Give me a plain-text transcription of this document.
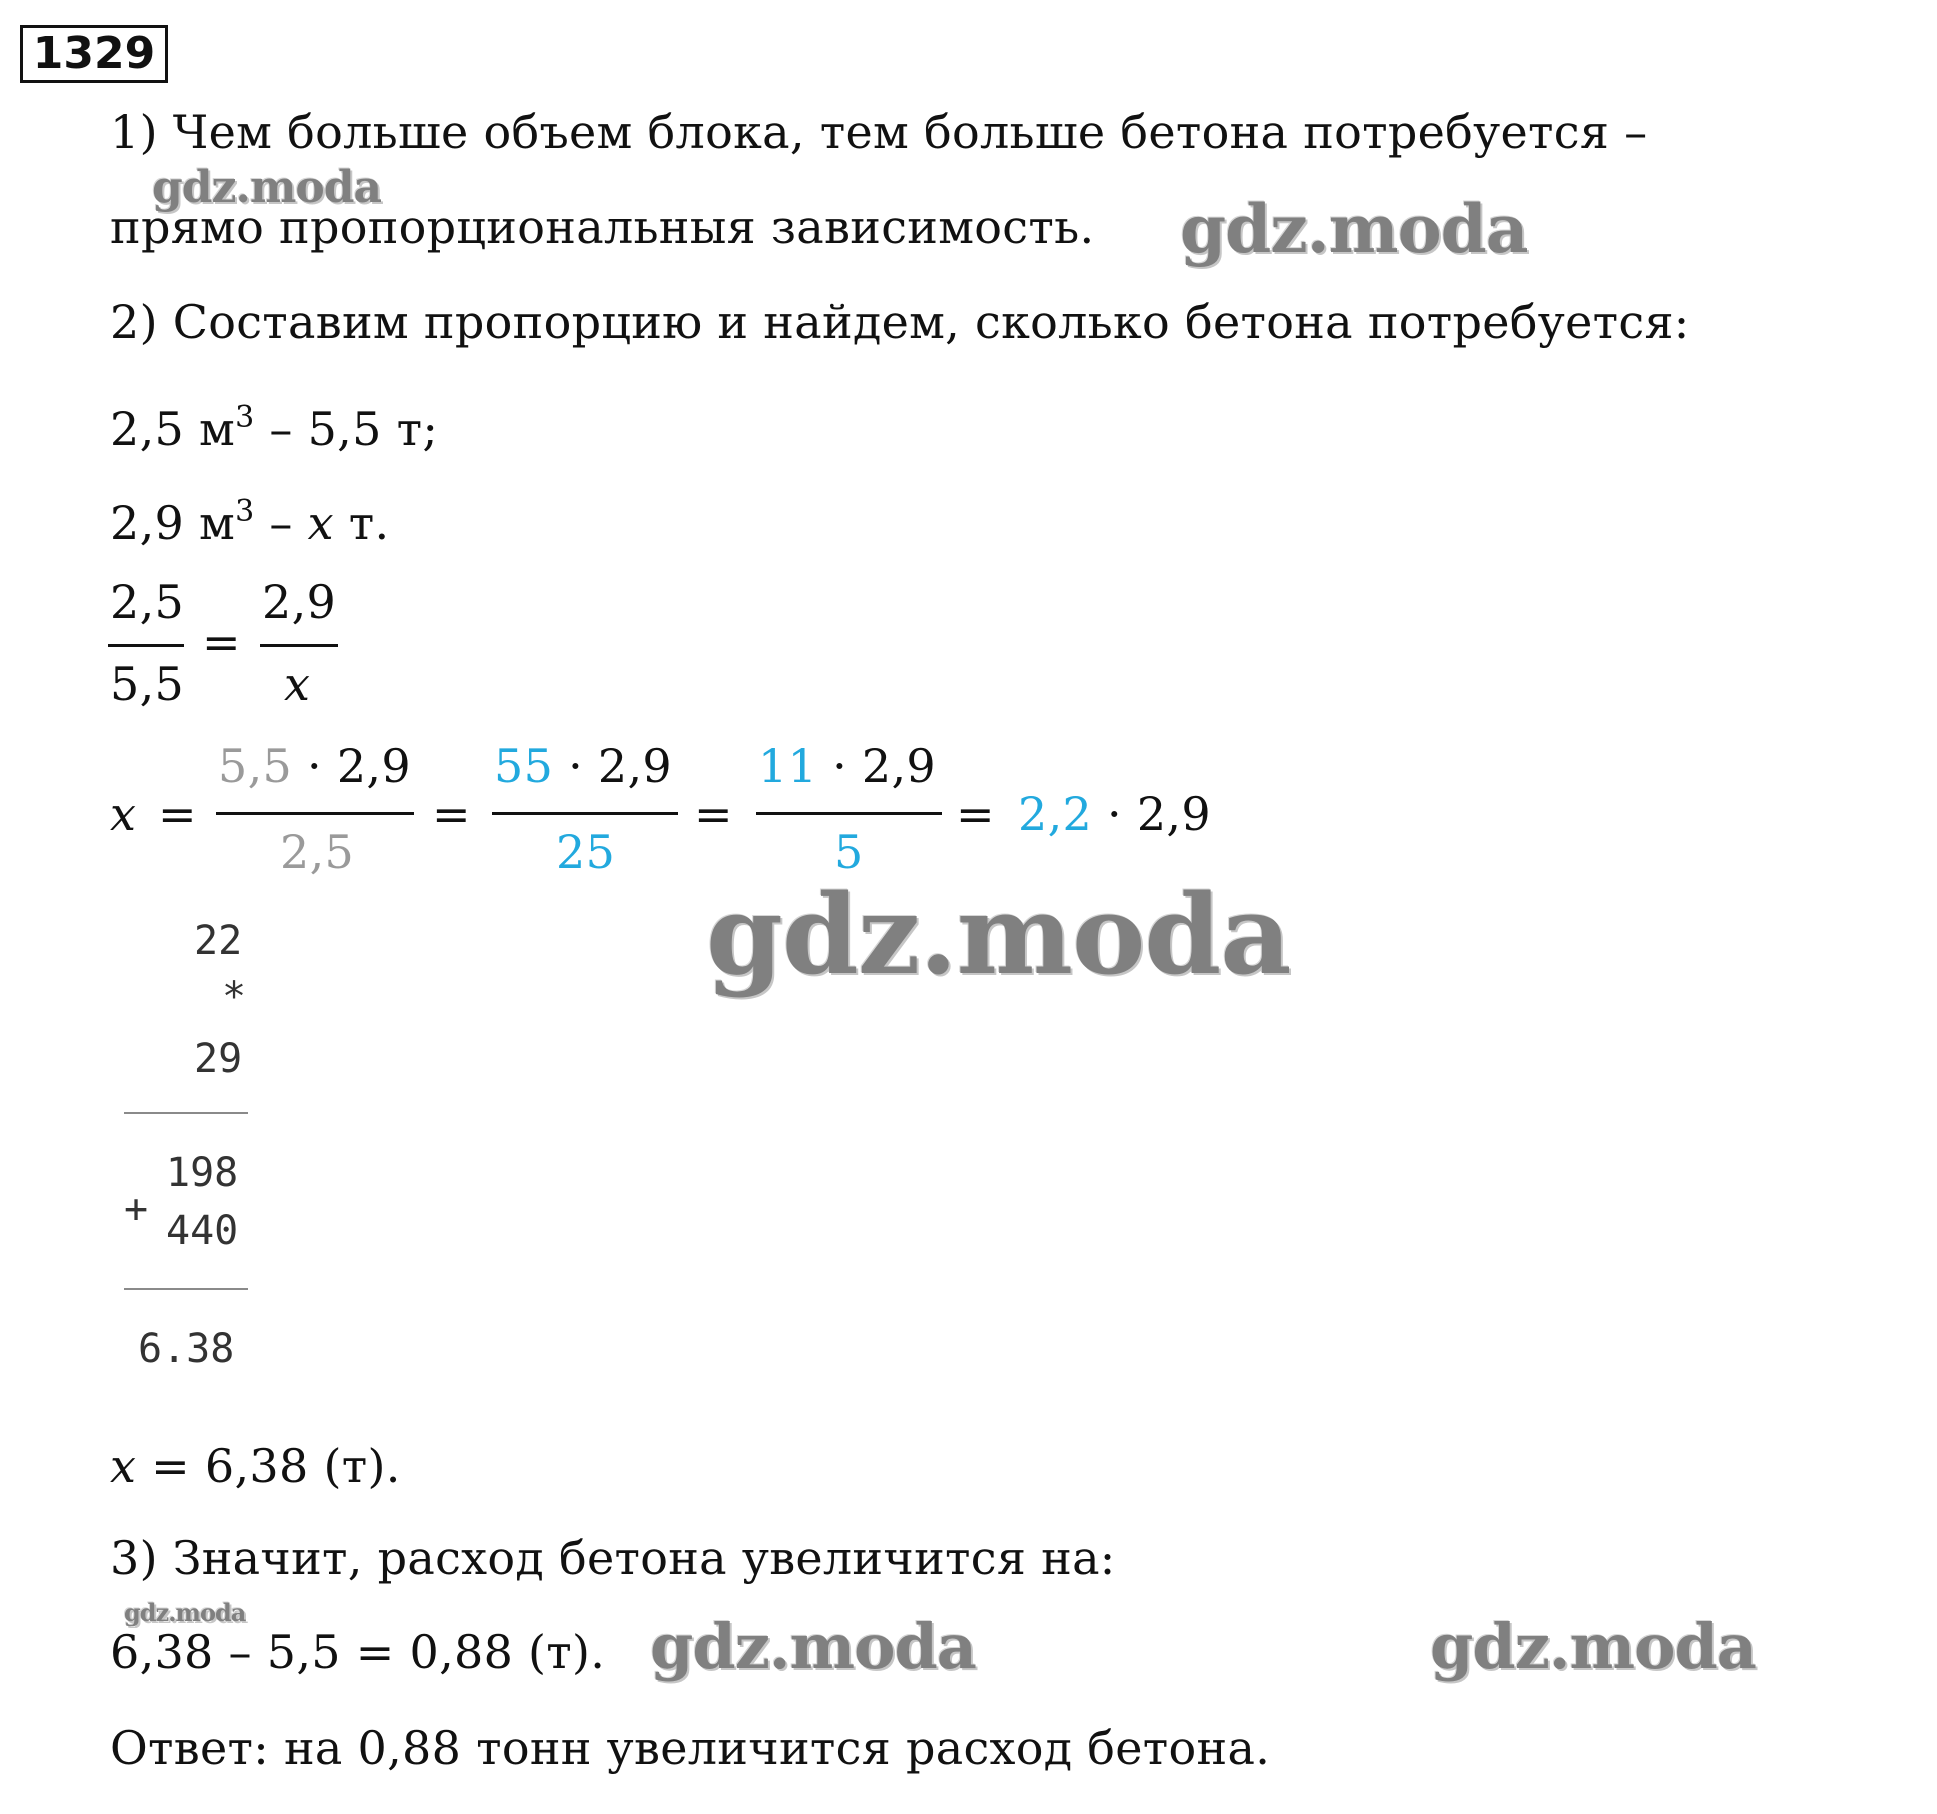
1329
1) Чем больше объем блока, тем больше бетона потребуется –
прямо пропорциональныя зависимость.
2) Составим пропорцию и найдем, сколько бетона потребуется:
2,5 $м^3 - 5,5$ т;
2,9 $м^3$ – x т.
2,5
5,5
=
2,9
x
x =
5,5 · 2,9
2,5
=
55 · 2,9
25
=
11 · 2,9
5
= 2,2 · 2,9
22
*
29
198
+ 440
6.38
x = 6,38 (т).
3) Значит, расход бетона увеличится на:
6,38 – 5,5 = 0,88 (т).
Ответ: на 0,88 тонн увеличится расход бетона.
gdz.moda
gdz.moda
gdz.moda
gdz.moda	gdz.moda	gdz.moda
